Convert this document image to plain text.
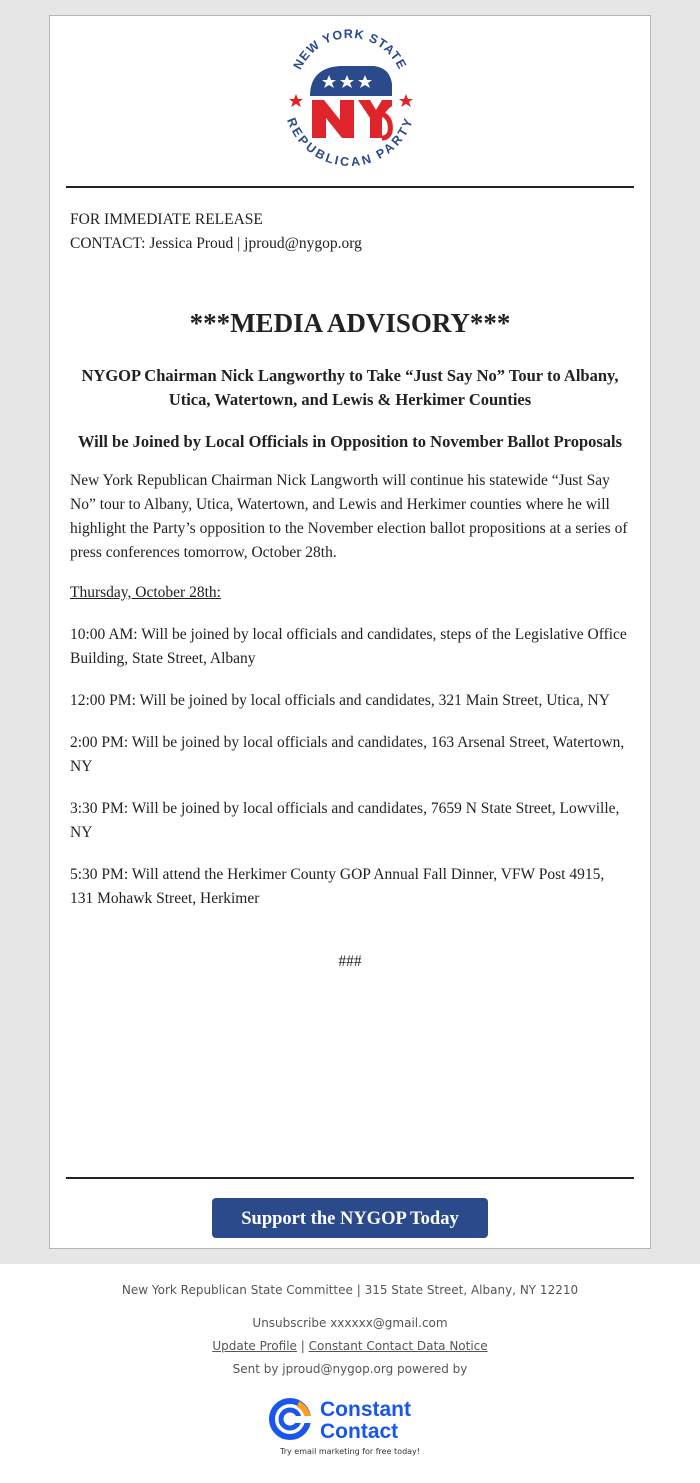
NEW YORK STATE
REPUBLICAN PARTY

FOR IMMEDIATE RELEASE

CONTACT: Jessica Proud | jproud@nygop.org

***MEDIA ADVISORY***

NYGOP Chairman Nick Langworthy to Take “Just Say No” Tour to Albany, Utica, Watertown, and Lewis & Herkimer Counties

Will be Joined by Local Officials in Opposition to November Ballot Proposals

New York Republican Chairman Nick Langworth will continue his statewide “Just Say No” tour to Albany, Utica, Watertown, and Lewis and Herkimer counties where he will highlight the Party’s opposition to the November election ballot propositions at a series of press conferences tomorrow, October 28th.

Thursday, October 28th:

10:00 AM: Will be joined by local officials and candidates, steps of the Legislative Office Building, State Street, Albany

12:00 PM: Will be joined by local officials and candidates, 321 Main Street, Utica, NY

2:00 PM: Will be joined by local officials and candidates, 163 Arsenal Street, Watertown, NY

3:30 PM: Will be joined by local officials and candidates, 7659 N State Street, Lowville, NY

5:30 PM: Will attend the Herkimer County GOP Annual Fall Dinner, VFW Post 4915, 131 Mohawk Street, Herkimer

###

Support the NYGOP Today
New York Republican State Committee | 315 State Street, Albany, NY 12210
Unsubscribe xxxxxx@gmail.com
Update Profile | Constant Contact Data Notice
Sent by jproud@nygop.org powered by
Constant
Contact
Try email marketing for free today!
